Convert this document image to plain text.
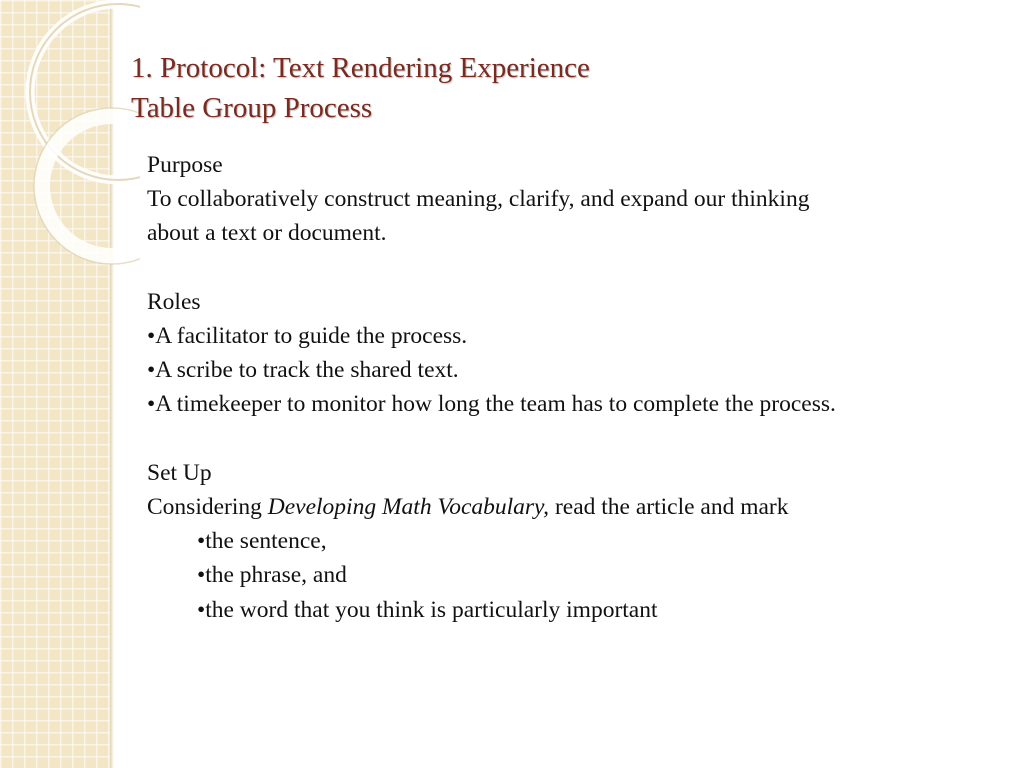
1. Protocol: Text Rendering Experience
Table Group Process
Purpose
To collaboratively construct meaning, clarify, and expand our thinking
about a text or document.
Roles
•A facilitator to guide the process.
•A scribe to track the shared text.
•A timekeeper to monitor how long the team has to complete the process.
Set Up
Considering Developing Math Vocabulary, read the article and mark
•the sentence,
•the phrase, and
•the word that you think is particularly important
